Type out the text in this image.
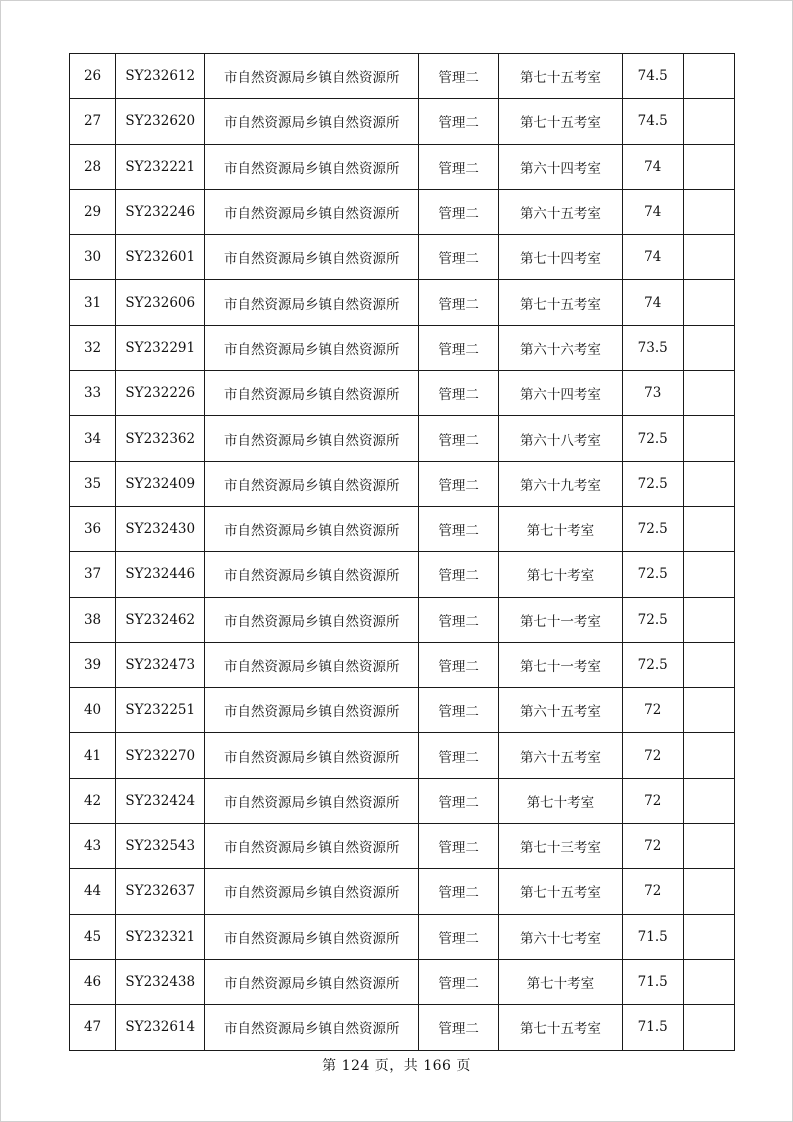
26	SY232612	市自然资源局乡镇自然资源所	管理二	第七十五考室	74.5	
27	SY232620	市自然资源局乡镇自然资源所	管理二	第七十五考室	74.5	
28	SY232221	市自然资源局乡镇自然资源所	管理二	第六十四考室	74	
29	SY232246	市自然资源局乡镇自然资源所	管理二	第六十五考室	74	
30	SY232601	市自然资源局乡镇自然资源所	管理二	第七十四考室	74	
31	SY232606	市自然资源局乡镇自然资源所	管理二	第七十五考室	74	
32	SY232291	市自然资源局乡镇自然资源所	管理二	第六十六考室	73.5	
33	SY232226	市自然资源局乡镇自然资源所	管理二	第六十四考室	73	
34	SY232362	市自然资源局乡镇自然资源所	管理二	第六十八考室	72.5	
35	SY232409	市自然资源局乡镇自然资源所	管理二	第六十九考室	72.5	
36	SY232430	市自然资源局乡镇自然资源所	管理二	第七十考室	72.5	
37	SY232446	市自然资源局乡镇自然资源所	管理二	第七十考室	72.5	
38	SY232462	市自然资源局乡镇自然资源所	管理二	第七十一考室	72.5	
39	SY232473	市自然资源局乡镇自然资源所	管理二	第七十一考室	72.5	
40	SY232251	市自然资源局乡镇自然资源所	管理二	第六十五考室	72	
41	SY232270	市自然资源局乡镇自然资源所	管理二	第六十五考室	72	
42	SY232424	市自然资源局乡镇自然资源所	管理二	第七十考室	72	
43	SY232543	市自然资源局乡镇自然资源所	管理二	第七十三考室	72	
44	SY232637	市自然资源局乡镇自然资源所	管理二	第七十五考室	72	
45	SY232321	市自然资源局乡镇自然资源所	管理二	第六十七考室	71.5	
46	SY232438	市自然资源局乡镇自然资源所	管理二	第七十考室	71.5	
47	SY232614	市自然资源局乡镇自然资源所	管理二	第七十五考室	71.5	
第 124 页，共 166 页
